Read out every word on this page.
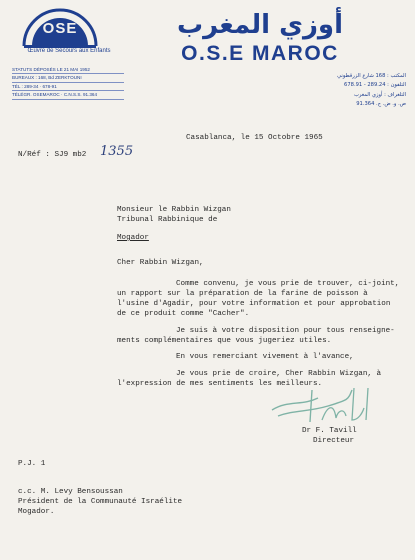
OSE
Œuvre de Secours aux Enfants
STATUTS DÉPOSÉS LE 21 MAI 1952
BUREAUX : 168, Bd ZERKTOUNI
TÉL : 289-34 · 678-91
TÉLÉGR. OSEMAROC · C.N.S.S. 91.364
أوزي المغرب
O.S.E MAROC
المكتب : 168 شارع الزرقطوني
التلفون : 289.24 - 678.91
التلغراف : أوزي المغرب
ص. و. ض. ج. 91.364
Casablanca, le 15 Octobre 1965
N/Réf : SJ9 mb2 1355
Monsieur le Rabbin Wizgan
Tribunal Rabbinique de
Mogador
Cher Rabbin Wizgan,
Comme convenu, je vous prie de trouver, ci-joint,
un rapport sur la préparation de la farine de poisson à
l'usine d'Agadir, pour votre information et pour approbation
de ce produit comme "Cacher".
Je suis à votre disposition pour tous renseigne-
ments complémentaires que vous jugeriez utiles.
En vous remerciant vivement à l'avance,
Je vous prie de croire, Cher Rabbin Wizgan, à
l'expression de mes sentiments les meilleurs.
Dr F. Tavill
Directeur
P.J. 1
c.c. M. Levy Bensoussan
Président de la Communauté Israélite
Mogador.
